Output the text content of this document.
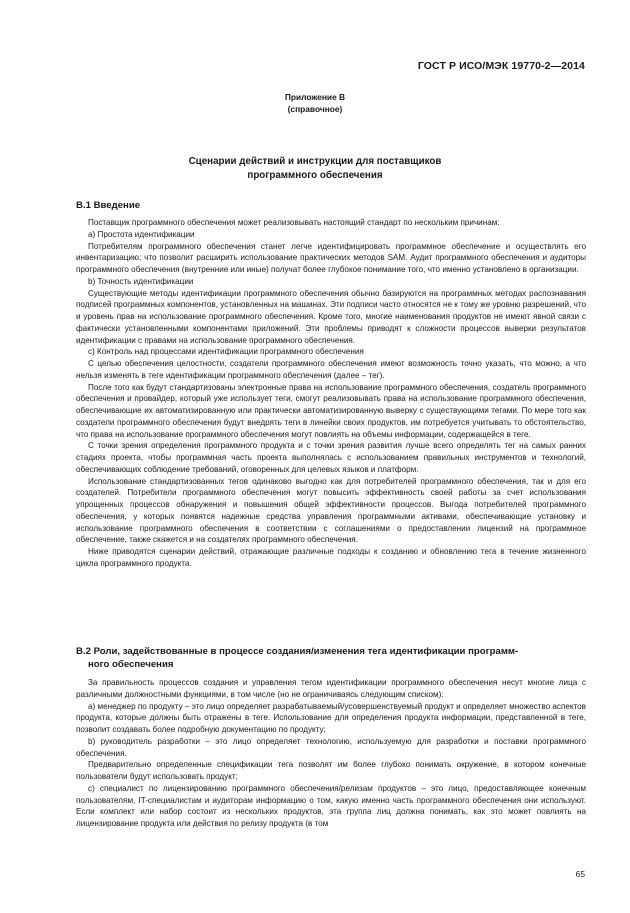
ГОСТ Р ИСО/МЭК 19770-2—2014
Приложение В
(справочное)
Сценарии действий и инструкции для поставщиков
программного обеспечения
В.1 Введение

Поставщик программного обеспечения может реализовывать настоящий стандарт по нескольким причинам:

а) Простота идентификации

Потребителям программного обеспечения станет легче идентифицировать программное обеспечение и осуществлять его инвентаризацию; что позволит расширить использование практических методов SAM. Аудит программного обеспечения и аудиторы программного обеспечения (внутренние или иные) получат более глубокое понимание того, что именно установлено в организации.

b) Точность идентификации

Существующие методы идентификации программного обеспечения обычно базируются на программных методах распознавания подписей программных компонентов, установленных на машинах. Эти подписи часто относятся не к тому же уровню разрешений, что и уровень прав на использование программного обеспечения. Кроме того, многие наименования продуктов не имеют явной связи с фактически установленными компонентами приложений. Эти проблемы приводят к сложности процессов выверки результатов идентификации с правами на использование программного обеспечения.

с) Контроль над процессами идентификации программного обеспечения

С целью обеспечения целостности, создатели программного обеспечения имеют возможность точно указать, что можно, а что нельзя изменять в теге идентификации программного обеспечения (далее – тег).

После того как будут стандартизованы электронные права на использование программного обеспечения, создатель программного обеспечения и провайдер, который уже использует теги, смогут реализовывать права на использование программного обеспечения, обеспечивающие их автоматизированную или практически автоматизированную выверку с существующими тегами. По мере того как создатели программного обеспечения будут внедрять теги в линейки своих продуктов, им потребуется учитывать то обстоятельство, что права на использование программного обеспечения могут повлиять на объемы информации, содержащейся в теге.

С точки зрения определения программного продукта и с точки зрения развития лучше всего определять тег на самых ранних стадиях проекта, чтобы программная часть проекта выполнялась с использованием правильных инструментов и технологий, обеспечивающих соблюдение требований, оговоренных для целевых языков и платформ.

Использование стандартизованных тегов одинаково выгодно как для потребителей программного обеспечения, так и для его создателей. Потребители программного обеспечения могут повысить эффективность своей работы за счет использования упрощенных процессов обнаружения и повышения общей эффективности процессов. Выгода потребителей программного обеспечения, у которых появятся надежные средства управления программными активами, обеспечивающие установку и использование программного обеспечения в соответствии с соглашениями о предоставлении лицензий на программное обеспечение, также скажется и на создателях программного обеспечения.

Ниже приводятся сценарии действий, отражающие различные подходы к созданию и обновлению тега в течение жизненного цикла программного продукта.

В.2 Роли, задействованные в процессе создания/изменения тега идентификации программ-
ного обеспечения

За правильность процессов создания и управления тегом идентификации программного обеспечения несут многие лица с различными должностными функциями, в том числе (но не ограничиваясь следующим списком):

а) менеджер по продукту – это лицо определяет разрабатываемый/усовершенствуемый продукт и определяет множество аспектов продукта, которые должны быть отражены в теге. Использование для определения продукта информации, представленной в теге, позволит создавать более подробную документацию по продукту;

b) руководитель разработки – это лицо определяет технологию, используемую для разработки и поставки программного обеспечения.

Предварительно определенные спецификации тега позволят им более глубоко понимать окружение, в котором конечные пользователи будут использовать продукт;

с) специалист по лицензированию программного обеспечения/релизам продуктов – это лицо, предоставляющее конечным пользователям, IT-специалистам и аудиторам информацию о том, какую именно часть программного обеспечения они используют. Если комплект или набор состоит из нескольких продуктов, эта группа лиц должна понимать, как это может повлиять на лицензирование продукта или действия по релизу продукта (в том

65
